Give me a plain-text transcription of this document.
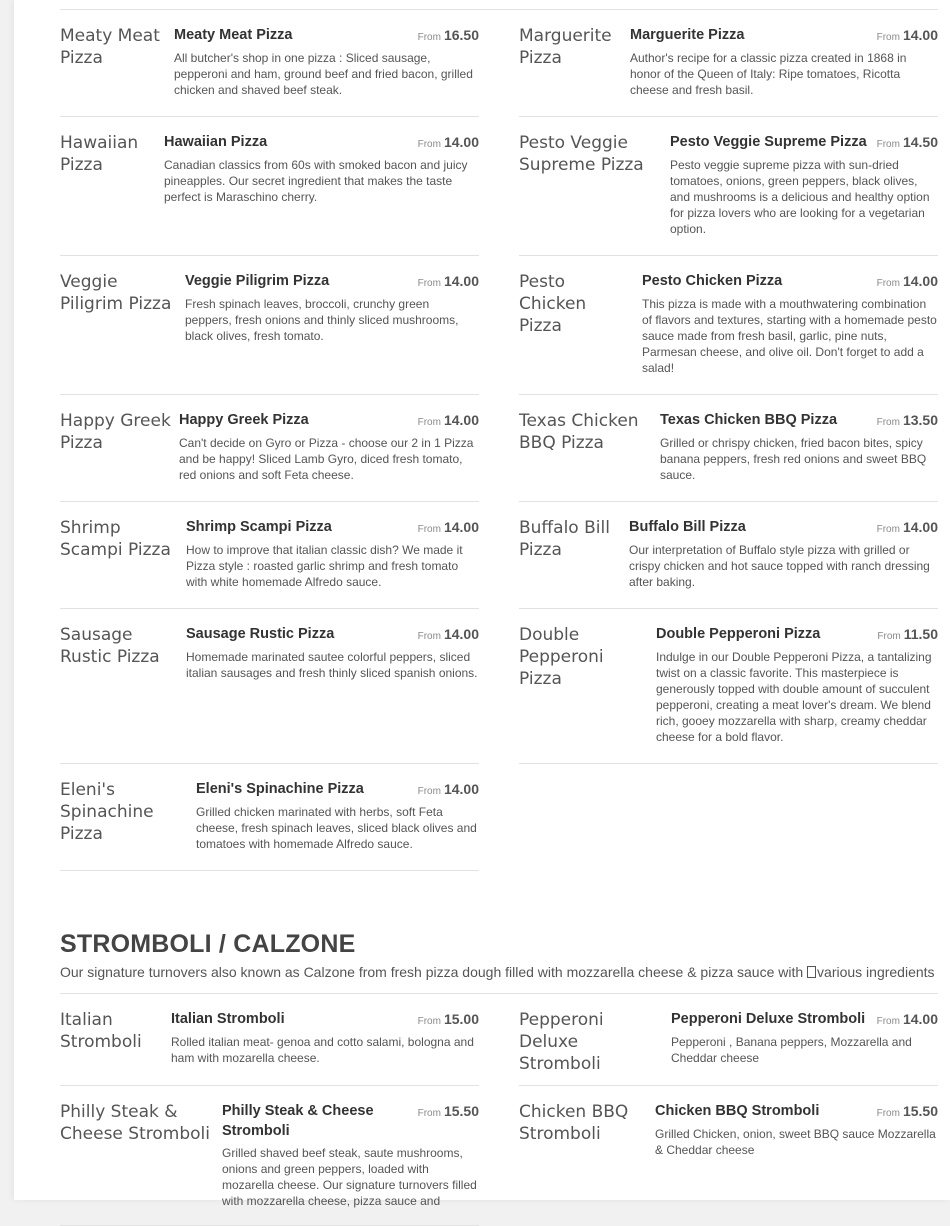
Meaty Meat Pizza
Meaty Meat Pizza	From 16.50
All butcher's shop in one pizza : Sliced sausage, pepperoni and ham, ground beef and fried bacon, grilled chicken and shaved beef steak.
Marguerite Pizza
Marguerite Pizza	From 14.00
Author's recipe for a classic pizza created in 1868 in honor of the Queen of Italy: Ripe tomatoes, Ricotta cheese and fresh basil.
Hawaiian Pizza
Hawaiian Pizza	From 14.00
Canadian classics from 60s with smoked bacon and juicy pineapples. Our secret ingredient that makes the taste perfect is Maraschino cherry.
Pesto Veggie Supreme Pizza
Pesto Veggie Supreme Pizza From 14.50
Pesto veggie supreme pizza with sun-dried tomatoes, onions, green peppers, black olives, and mushrooms is a delicious and healthy option for pizza lovers who are looking for a vegetarian option.
Veggie Piligrim Pizza
Veggie Piligrim Pizza	From 14.00
Fresh spinach leaves, broccoli, crunchy green peppers, fresh onions and thinly sliced mushrooms, black olives, fresh tomato.
Pesto Chicken Pizza
Pesto Chicken Pizza	From 14.00
This pizza is made with a mouthwatering combination of flavors and textures, starting with a homemade pesto sauce made from fresh basil, garlic, pine nuts, Parmesan cheese, and olive oil. Don't forget to add a salad!
Happy Greek Pizza
Happy Greek Pizza	From 14.00
Can't decide on Gyro or Pizza - choose our 2 in 1 Pizza and be happy! Sliced Lamb Gyro, diced fresh tomato, red onions and soft Feta cheese.
Texas Chicken BBQ Pizza
Texas Chicken BBQ Pizza	From 13.50
Grilled or chrispy chicken, fried bacon bites, spicy banana peppers, fresh red onions and sweet BBQ sauce.
Shrimp Scampi Pizza
Shrimp Scampi Pizza	From 14.00
How to improve that italian classic dish? We made it Pizza style : roasted garlic shrimp and fresh tomato with white homemade Alfredo sauce.
Buffalo Bill Pizza
Buffalo Bill Pizza	From 14.00
Our interpretation of Buffalo style pizza with grilled or crispy chicken and hot sauce topped with ranch dressing after baking.
Sausage Rustic Pizza
Sausage Rustic Pizza	From 14.00
Homemade marinated sautee colorful peppers, sliced italian sausages and fresh thinly sliced spanish onions.
Double Pepperoni Pizza
Double Pepperoni Pizza	From 11.50
Indulge in our Double Pepperoni Pizza, a tantalizing twist on a classic favorite. This masterpiece is generously topped with double amount of succulent pepperoni, creating a meat lover's dream. We blend rich, gooey mozzarella with sharp, creamy cheddar cheese for a bold flavor.
Eleni's Spinachine Pizza
Eleni's Spinachine Pizza	From 14.00
Grilled chicken marinated with herbs, soft Feta cheese, fresh spinach leaves, sliced black olives and tomatoes with homemade Alfredo sauce.
STROMBOLI / CALZONE
Our signature turnovers also known as Calzone from fresh pizza dough filled with mozzarella cheese & pizza sauce with various ingredients
Italian Stromboli
Italian Stromboli	From 15.00
Rolled italian meat- genoa and cotto salami, bologna and ham with mozarella cheese.
Pepperoni Deluxe Stromboli
Pepperoni Deluxe Stromboli From 14.00
Pepperoni , Banana peppers, Mozzarella and Cheddar cheese
Philly Steak & Cheese Stromboli
Philly Steak & Cheese Stromboli
From 15.50
Grilled shaved beef steak, saute mushrooms, onions and green peppers, loaded with mozarella cheese. Our signature turnovers filled with mozzarella cheese, pizza sauce and
Chicken BBQ Stromboli
Chicken BBQ Stromboli	From 15.50
Grilled Chicken, onion, sweet BBQ sauce Mozzarella & Cheddar cheese
